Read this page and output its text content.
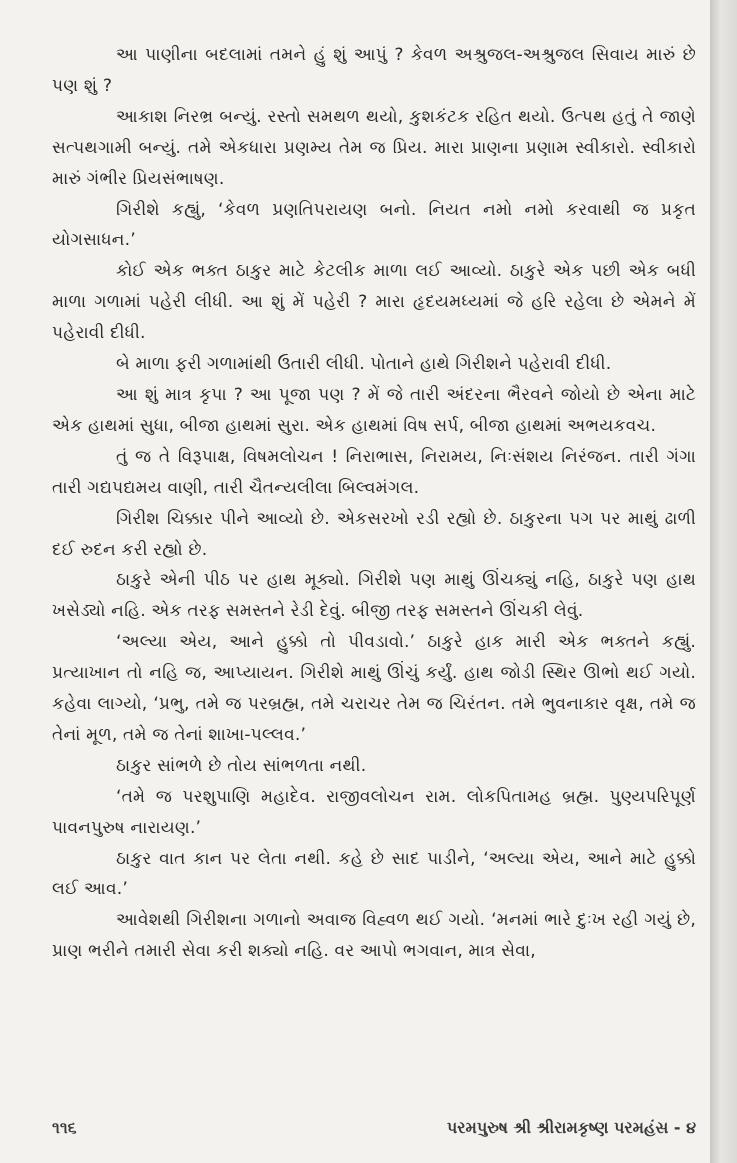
આ પાણીના બદલામાં તમને હું શું આપું ? કેવળ અશ્રુજલ-અશ્રુજલ સિવાય મારું છે પણ શું ?

આકાશ નિરભ્ર બન્યું. રસ્તો સમથળ થયો, કુશકંટક રહિત થયો. ઉત્પથ હતું તે જાણે સત્પથગામી બન્યું. તમે એકધારા પ્રણમ્ય તેમ જ પ્રિય. મારા પ્રાણના પ્રણામ સ્વીકારો. સ્વીકારો મારું ગંભીર પ્રિયસંભાષણ.

ગિરીશે કહ્યું, ‘કેવળ પ્રણતિપરાયણ બનો. નિયત નમો નમો કરવાથી જ પ્રકૃત યોગસાધન.’

કોઈ એક ભક્ત ઠાકુર માટે કેટલીક માળા લઈ આવ્યો. ઠાકુરે એક પછી એક બધી માળા ગળામાં પહેરી લીધી. આ શું મેં પહેરી ? મારા હૃદયમધ્યમાં જે હરિ રહેલા છે એમને મેં પહેરાવી દીધી.

બે માળા ફરી ગળામાંથી ઉતારી લીધી. પોતાને હાથે ગિરીશને પહેરાવી દીધી.

આ શું માત્ર કૃપા ? આ પૂજા પણ ? મેં જે તારી અંદરના ભૈરવને જોયો છે એના માટે એક હાથમાં સુધા, બીજા હાથમાં સુરા. એક હાથમાં વિષ સર્પ, બીજા હાથમાં અભયકવચ.

તું જ તે વિરૂપાક્ષ, વિષમલોચન ! નિરાભાસ, નિરામય, નિઃસંશય નિરંજન. તારી ગંગા તારી ગદ્યપદ્યમય વાણી, તારી ચૈતન્યલીલા બિલ્વમંગલ.

ગિરીશ ચિક્કાર પીને આવ્યો છે. એકસરખો રડી રહ્યો છે. ઠાકુરના પગ પર માથું ઢાળી દઈ રુદન કરી રહ્યો છે.

ઠાકુરે એની પીઠ પર હાથ મૂક્યો. ગિરીશે પણ માથું ઊંચક્યું નહિ, ઠાકુરે પણ હાથ ખસેડ્યો નહિ. એક તરફ સમસ્તને રેડી દેવું. બીજી તરફ સમસ્તને ઊંચકી લેવું.

‘અલ્યા એય, આને હુક્કો તો પીવડાવો.’ ઠાકુરે હાક મારી એક ભક્તને કહ્યું. પ્રત્યાખાન તો નહિ જ, આપ્યાયન. ગિરીશે માથું ઊંચું કર્યું. હાથ જોડી સ્થિર ઊભો થઈ ગયો. કહેવા લાગ્યો, ‘પ્રભુ, તમે જ પરબ્રહ્મ, તમે ચરાચર તેમ જ ચિરંતન. તમે ભુવનાકાર વૃક્ષ, તમે જ તેનાં મૂળ, તમે જ તેનાં શાખા-પલ્લવ.’

ઠાકુર સાંભળે છે તોય સાંભળતા નથી.

‘તમે જ પરશુપાણિ મહાદેવ. રાજીવલોચન રામ. લોકપિતામહ બ્રહ્મ. પુણ્યપરિપૂર્ણ પાવનપુરુષ નારાયણ.’

ઠાકુર વાત કાન પર લેતા નથી. કહે છે સાદ પાડીને, ‘અલ્યા એય, આને માટે હુક્કો લઈ આવ.’

આવેશથી ગિરીશના ગળાનો અવાજ વિહ્વળ થઈ ગયો. ‘મનમાં ભારે દુઃખ રહી ગયું છે, પ્રાણ ભરીને તમારી સેવા કરી શક્યો નહિ. વર આપો ભગવાન, માત્ર સેવા,

૧૧૬	પરમપુરુષ શ્રી શ્રીરામકૃષ્ણ પરમહંસ - ૪
